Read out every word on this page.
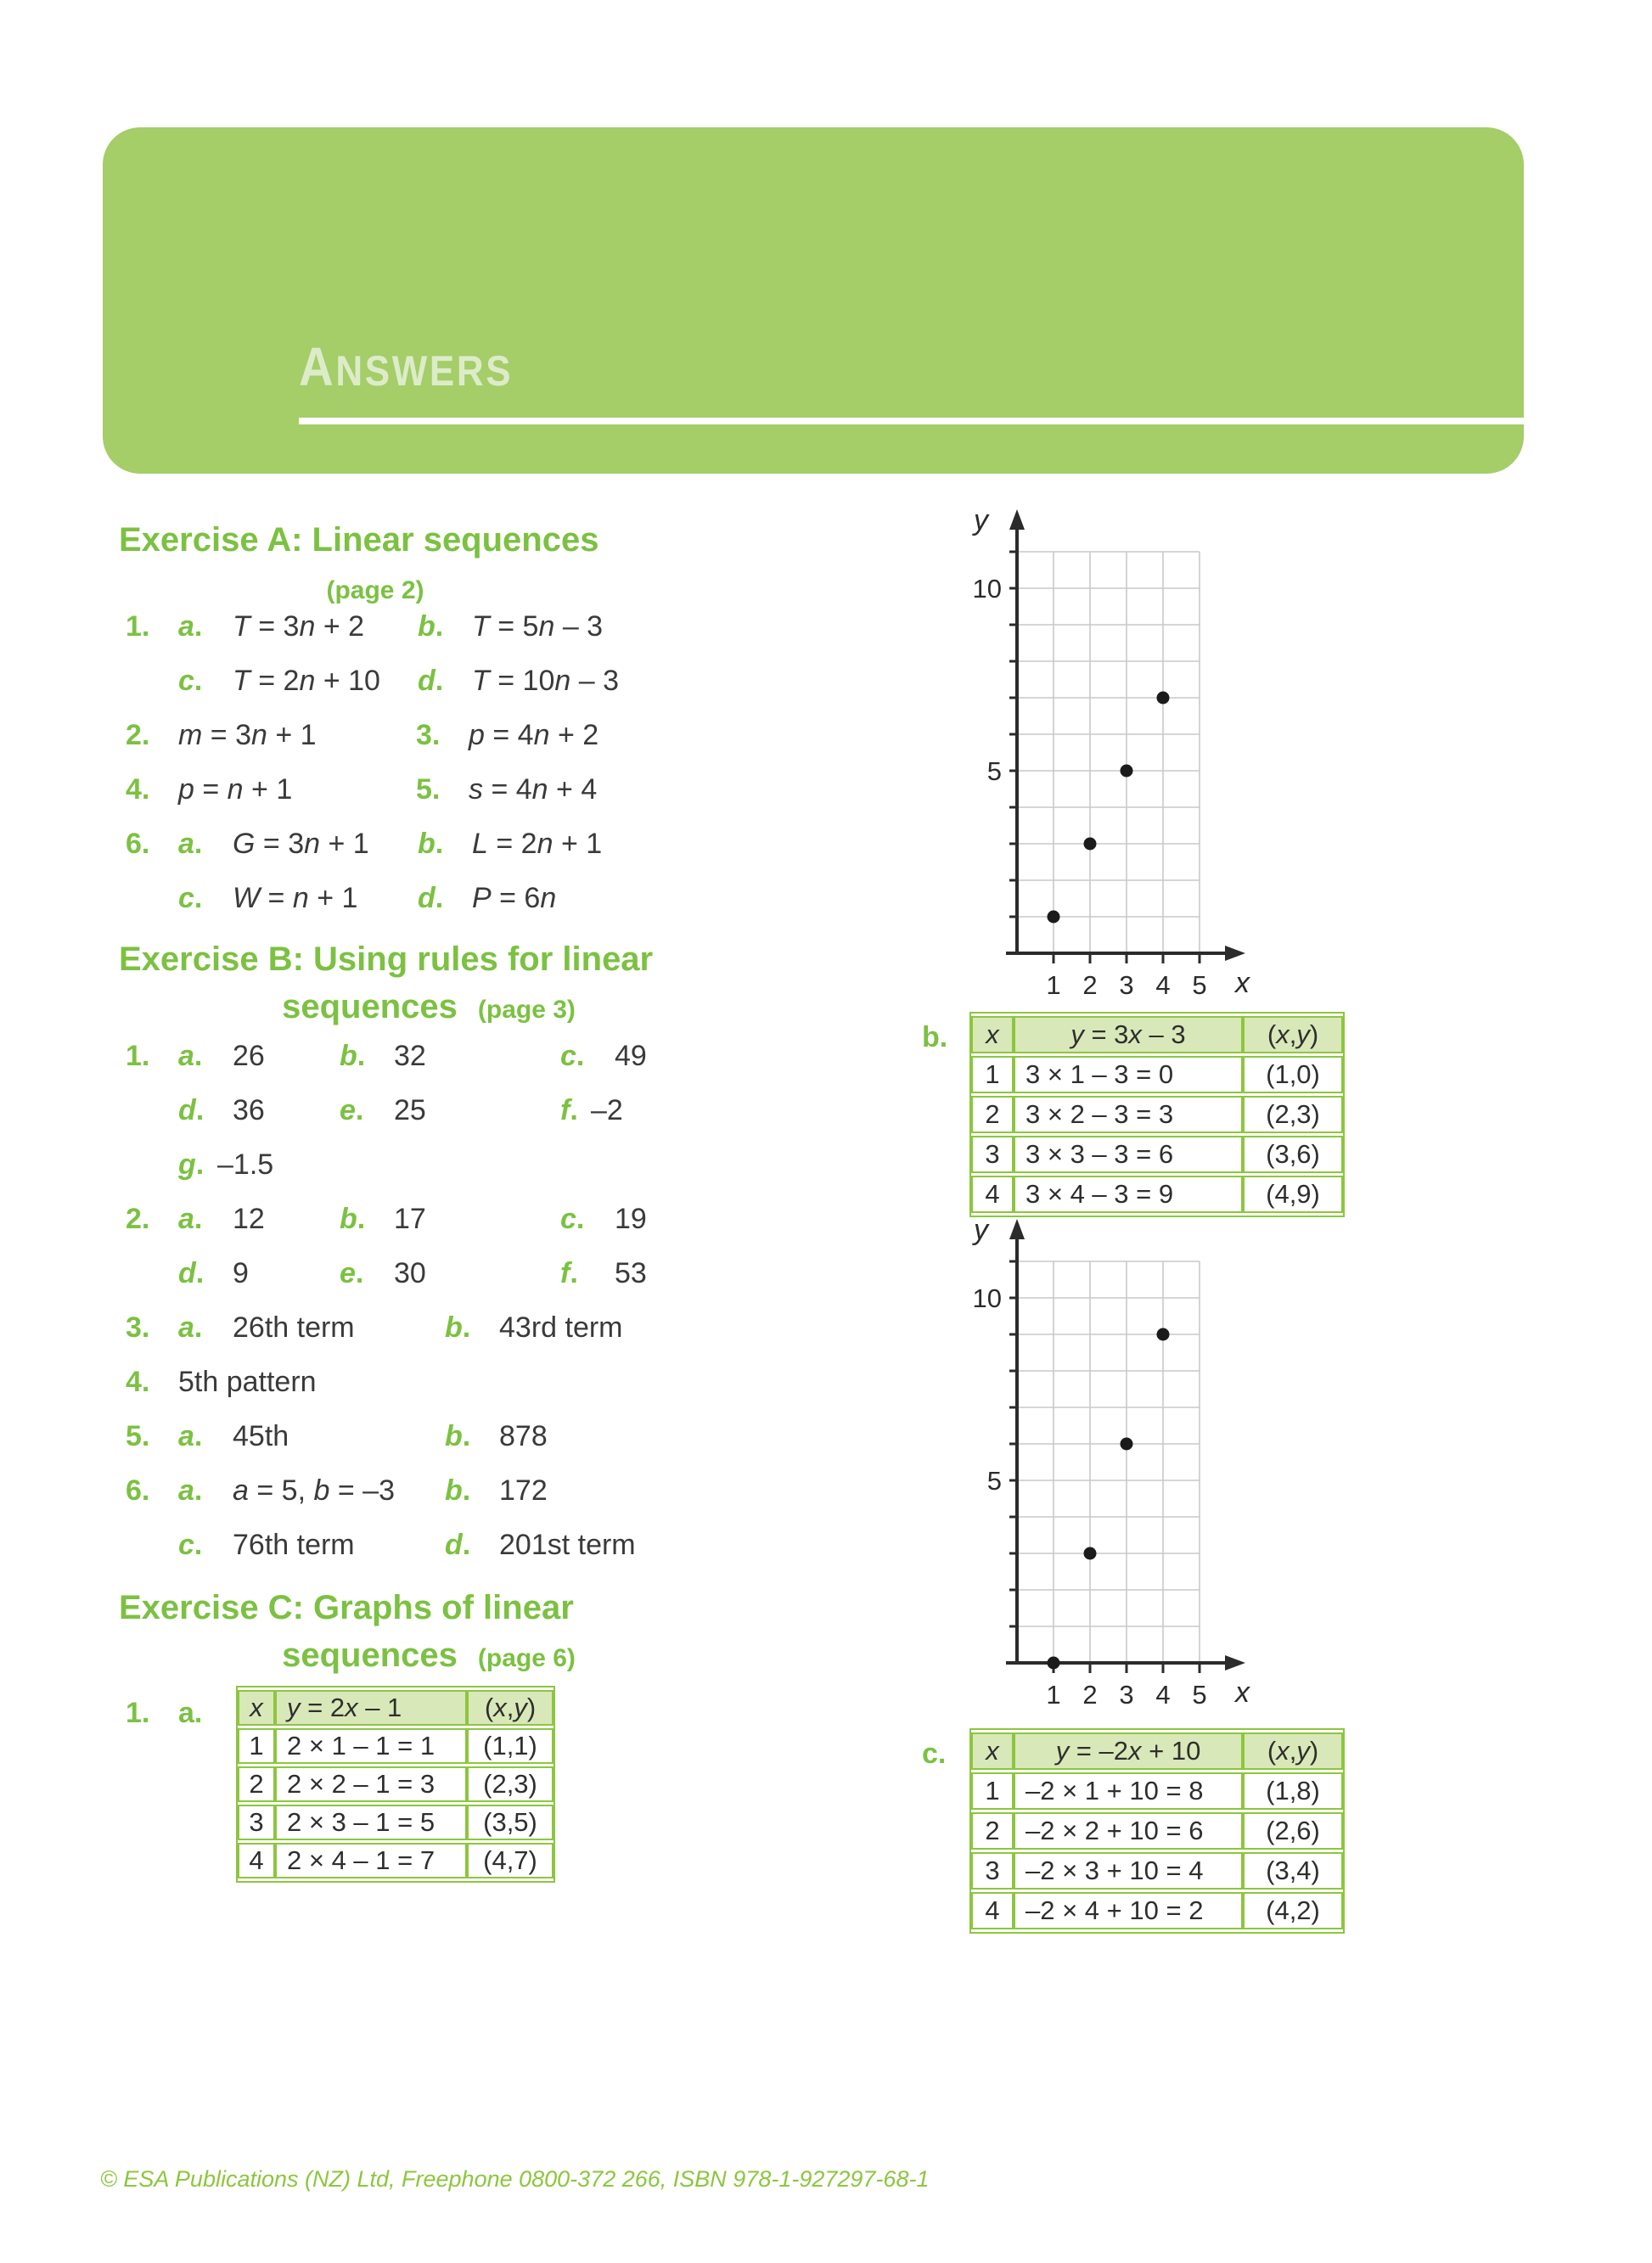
ANSWERS
Exercise A: Linear sequences
(page 2)
1. a.	T = 3n + 2	b. T = 5n – 3
c.	T = 2n + 10	d. T = 10n – 3
2. m = 3n + 1	3. p = 4n + 2
4. p = n + 1	5. s = 4n + 4
6. a.	G = 3n + 1	b. L = 2n + 1
c.	W = n + 1	d. P = 6n
Exercise B: Using rules for linear
sequences (page 3)
1. a.	26	b. 32	c.	49
d. 36	e.	25	f. –2
g. –1.5
2. a.	12	b. 17	c.	19
d. 9	e.	30	f.	53
3. a.	26th term	b. 43rd term
4. 5th pattern
5. a.	45th	b. 878
6. a.	a = 5, b = –3	b. 172
c.	76th term	d. 201st term
Exercise C: Graphs of linear
sequences (page 6)
1. a.
b.
c.
x	y = 2x – 1	(x,y)
1	2 × 1 – 1 = 1	(1,1)
2	2 × 2 – 1 = 3	(2,3)
3	2 × 3 – 1 = 5	(3,5)
4	2 × 4 – 1 = 7	(4,7)
x	y = 3x – 3	(x,y)
1	3 × 1 – 3 = 0	(1,0)
2	3 × 2 – 3 = 3	(2,3)
3	3 × 3 – 3 = 6	(3,6)
4	3 × 4 – 3 = 9	(4,9)
x	y = –2x + 10	(x,y)
1	–2 × 1 + 10 = 8	(1,8)
2	–2 × 2 + 10 = 6	(2,6)
3	–2 × 3 + 10 = 4	(3,4)
4	–2 × 4 + 10 = 2	(4,2)
5
10
1 2 3 4 5
y
x
5
10
1 2 3 4 5
y
x
© ESA Publications (NZ) Ltd, Freephone 0800-372 266, ISBN 978-1-927297-68-1
